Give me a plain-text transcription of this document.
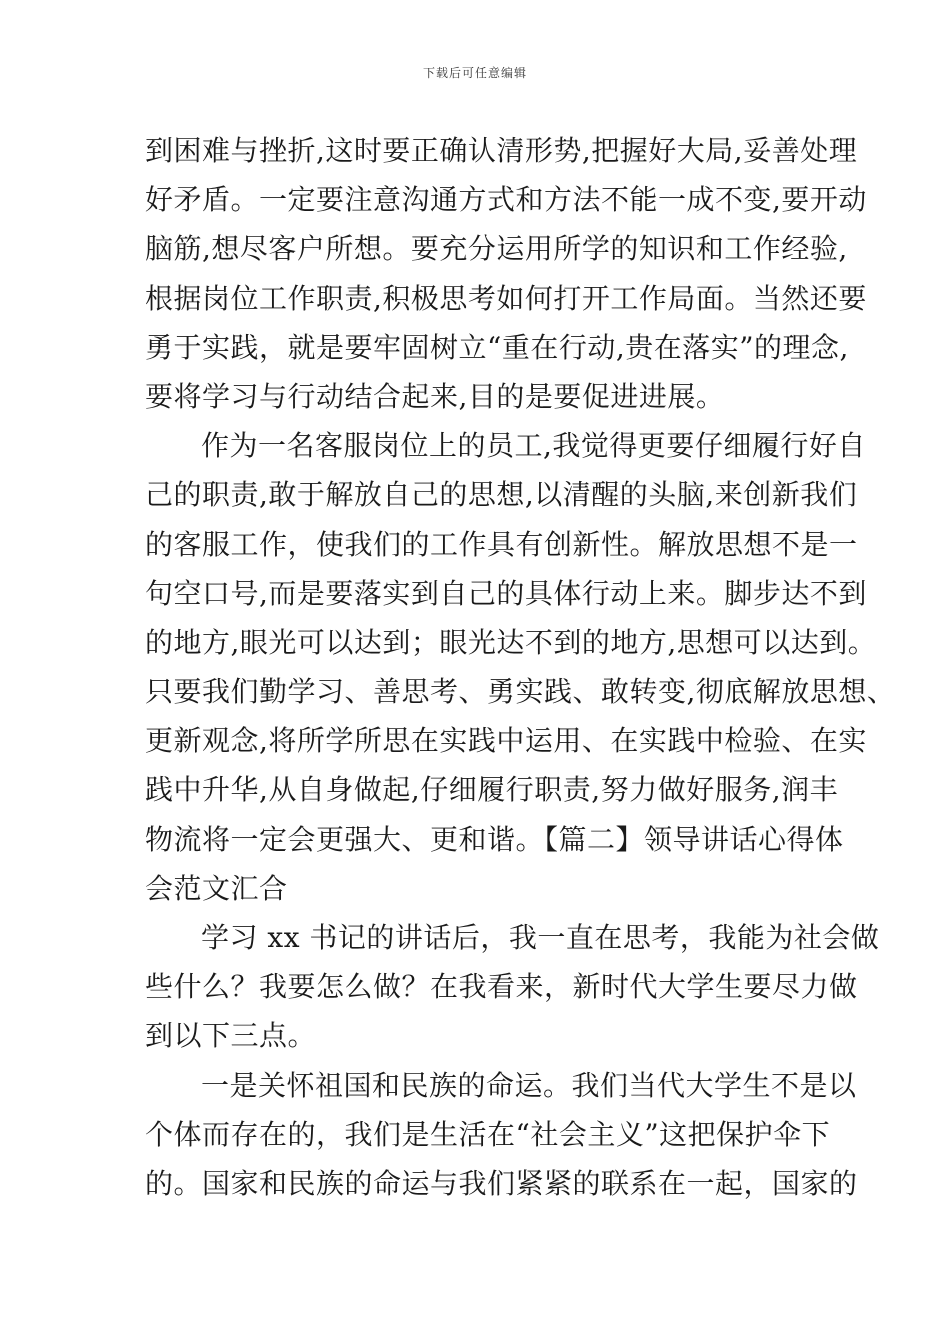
下载后可任意编辑
到困难与挫折,这时要正确认清形势,把握好大局,妥善处理
好矛盾。一定要注意沟通方式和方法不能一成不变,要开动
脑筋,想尽客户所想。要充分运用所学的知识和工作经验,
根据岗位工作职责,积极思考如何打开工作局面。当然还要
勇于实践，就是要牢固树立“重在行动,贵在落实”的理念,
要将学习与行动结合起来,目的是要促进进展。
作为一名客服岗位上的员工,我觉得更要仔细履行好自
己的职责,敢于解放自己的思想,以清醒的头脑,来创新我们
的客服工作，使我们的工作具有创新性。解放思想不是一
句空口号,而是要落实到自己的具体行动上来。脚步达不到
的地方,眼光可以达到；眼光达不到的地方,思想可以达到。
只要我们勤学习、善思考、勇实践、敢转变,彻底解放思想、
更新观念,将所学所思在实践中运用、在实践中检验、在实
践中升华,从自身做起,仔细履行职责,努力做好服务,润丰
物流将一定会更强大、更和谐。【篇二】领导讲话心得体
会范文汇合
学习 xx 书记的讲话后，我一直在思考，我能为社会做
些什么？我要怎么做？在我看来，新时代大学生要尽力做
到以下三点。
一是关怀祖国和民族的命运。我们当代大学生不是以
个体而存在的，我们是生活在“社会主义”这把保护伞下
的。国家和民族的命运与我们紧紧的联系在一起，国家的
